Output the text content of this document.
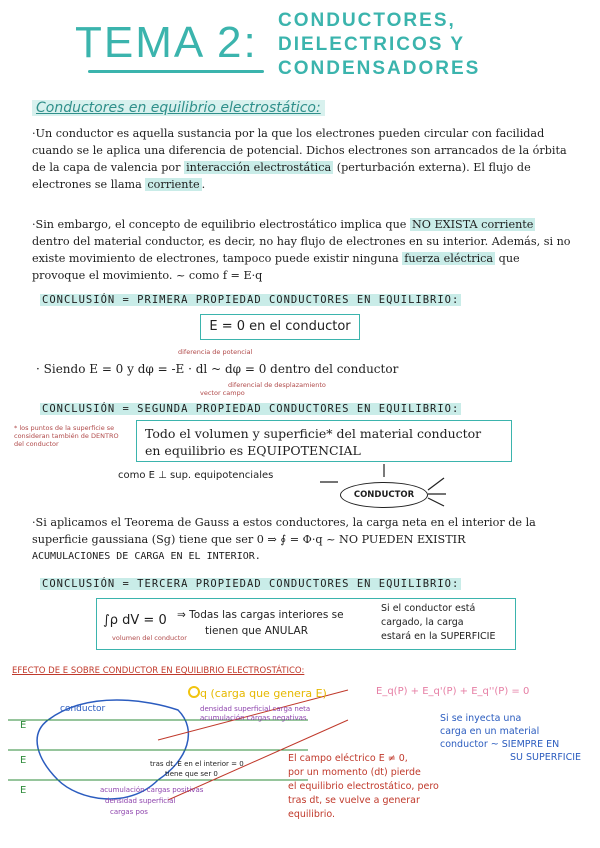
TEMA 2: CONDUCTORES,
DIELECTRICOS Y
CONDENSADORES
Conductores en equilibrio electrostático:
·Un conductor es aquella sustancia por la que los electrones pueden circular con facilidad cuando se le aplica una diferencia de potencial. Dichos electrones son arrancados de la órbita de la capa de valencia por interacción electrostática (perturbación externa). El flujo de electrones se llama corriente .
·Sin embargo, el concepto de equilibrio electrostático implica que NO EXISTA corriente dentro del material conductor, es decir, no hay flujo de electrones en su interior. Además, si no existe movimiento de electrones, tampoco puede existir ninguna fuerza eléctrica que provoque el movimiento. ~ como f = E·q
CONCLUSIÓN = PRIMERA PROPIEDAD CONDUCTORES EN EQUILIBRIO:
E = 0 en el conductor
diferencia de potencial
· Siendo E = 0 y dφ = -E · dl ~ dφ = 0 dentro del conductor
diferencial de desplazamiento
vector campo
CONCLUSIÓN = SEGUNDA PROPIEDAD CONDUCTORES EN EQUILIBRIO:
* los puntos de la superficie se consideran también de DENTRO del conductor
Todo el volumen y superficie* del material conductor
en equilibrio es EQUIPOTENCIAL
como E ⊥ sup. equipotenciales
CONDUCTOR
·Si aplicamos el Teorema de Gauss a estos conductores, la carga neta en el interior de la superficie gaussiana (Sg) tiene que ser 0 ⇒ ∮ = Φ·q ~ NO PUEDEN EXISTIR
ACUMULACIONES DE CARGA EN EL INTERIOR.
CONCLUSIÓN = TERCERA PROPIEDAD CONDUCTORES EN EQUILIBRIO:
∫ρ dV = 0 ⇒ Todas las cargas interiores se
tienen que ANULAR
Si el conductor está
cargado, la carga
estará en la SUPERFICIE
volumen del conductor
EFECTO DE E SOBRE CONDUCTOR EN EQUILIBRIO ELECTROSTÁTICO:
conductor
q (carga que genera E)
densidad superficial carga neta
acumulación cargas negativas
tras dt, E en el interior = 0
tiene que ser 0
acumulación cargas positivas
densidad superficial
cargas pos
E
E
E
E_q(P) + E_q'(P) + E_q''(P) = 0
El campo eléctrico E ≠ 0,
por un momento (dt) pierde
el equilibrio electrostático, pero
tras dt, se vuelve a generar
equilibrio.
Si se inyecta una
carga en un material
conductor ~ SIEMPRE EN
SU SUPERFICIE
